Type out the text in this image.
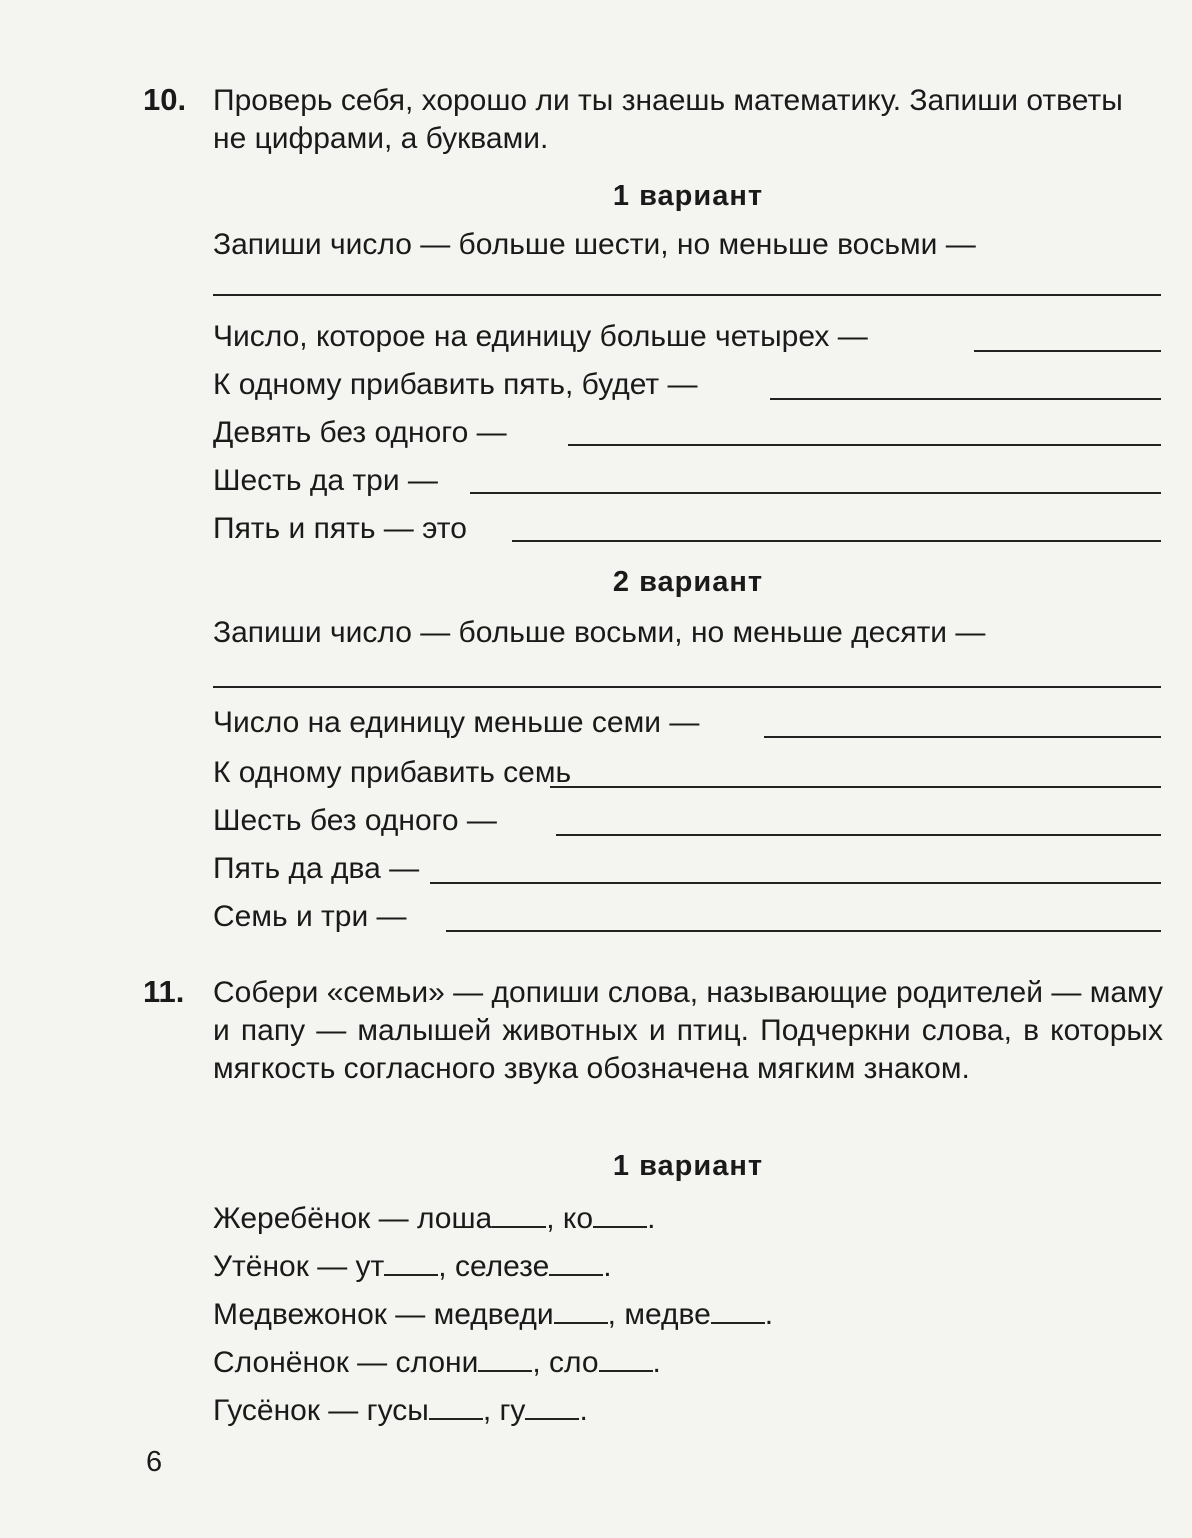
10. Проверь себя, хорошо ли ты знаешь математику. Запиши ответы не цифрами, а буквами.
1 вариант
Запиши число — больше шести, но меньше восьми —
Число, которое на единицу больше четырех —
К одному прибавить пять, будет —
Девять без одного —
Шесть да три —
Пять и пять — это
2 вариант
Запиши число — больше восьми, но меньше десяти —
Число на единицу меньше семи —
К одному прибавить семь
Шесть без одного —
Пять да два —
Семь и три —
11. Собери «семьи» — допиши слова, называющие родителей — маму и папу — малышей животных и птиц. Подчеркни слова, в которых мягкость согласного звука обозначена мягким знаком.
1 вариант
Жеребёнок — лоша , ко .
Утёнок — ут , селезе .
Медвежонок — медведи , медве .
Слонёнок — слони , сло .
Гусёнок — гусы , гу .
6
